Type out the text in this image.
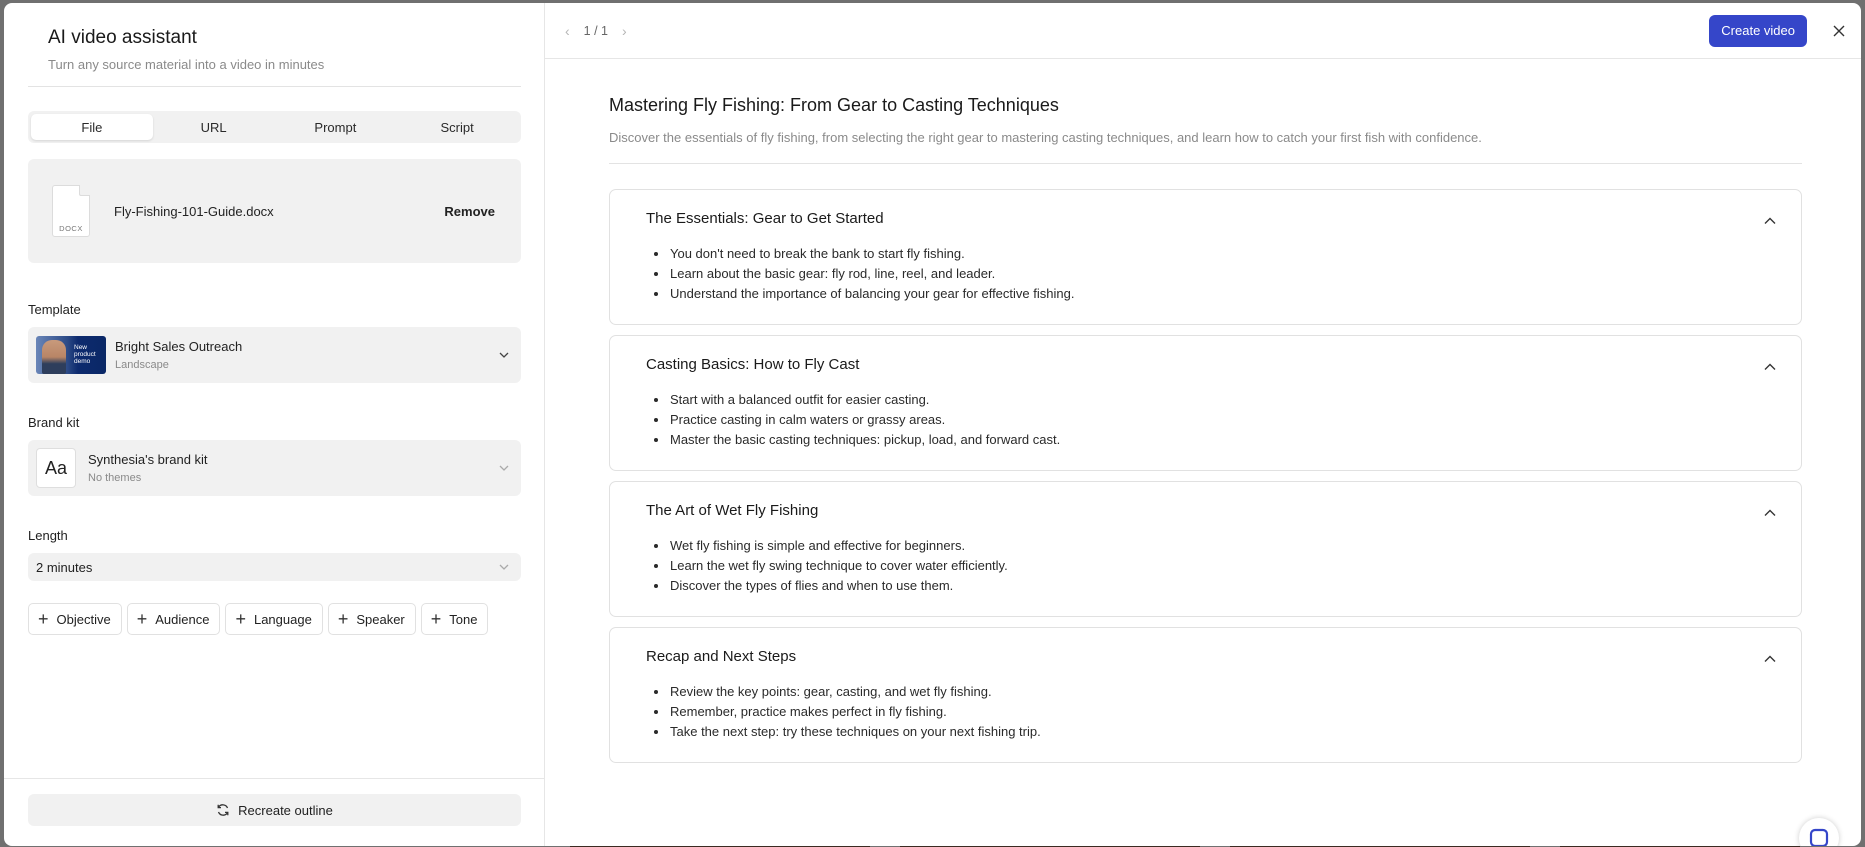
AI video assistant
Turn any source material into a video in minutes
File	URL	Prompt	Script
DOCX
Fly-Fishing-101-Guide.docx	Remove
Template
New product demo
Bright Sales Outreach
Landscape
Brand kit
Aa	Synthesia's brand kit
No themes
Length
2 minutes
+ Objective + Audience + Language + Speaker + Tone
Recreate outline
‹ 1 / 1 ›	Create video
Mastering Fly Fishing: From Gear to Casting Techniques
Discover the essentials of fly fishing, from selecting the right gear to mastering casting techniques, and learn how to catch your first fish with confidence.
The Essentials: Gear to Get Started
You don't need to break the bank to start fly fishing.
Learn about the basic gear: fly rod, line, reel, and leader.
Understand the importance of balancing your gear for effective fishing.
Casting Basics: How to Fly Cast
Start with a balanced outfit for easier casting.
Practice casting in calm waters or grassy areas.
Master the basic casting techniques: pickup, load, and forward cast.
The Art of Wet Fly Fishing
Wet fly fishing is simple and effective for beginners.
Learn the wet fly swing technique to cover water efficiently.
Discover the types of flies and when to use them.
Recap and Next Steps
Review the key points: gear, casting, and wet fly fishing.
Remember, practice makes perfect in fly fishing.
Take the next step: try these techniques on your next fishing trip.
